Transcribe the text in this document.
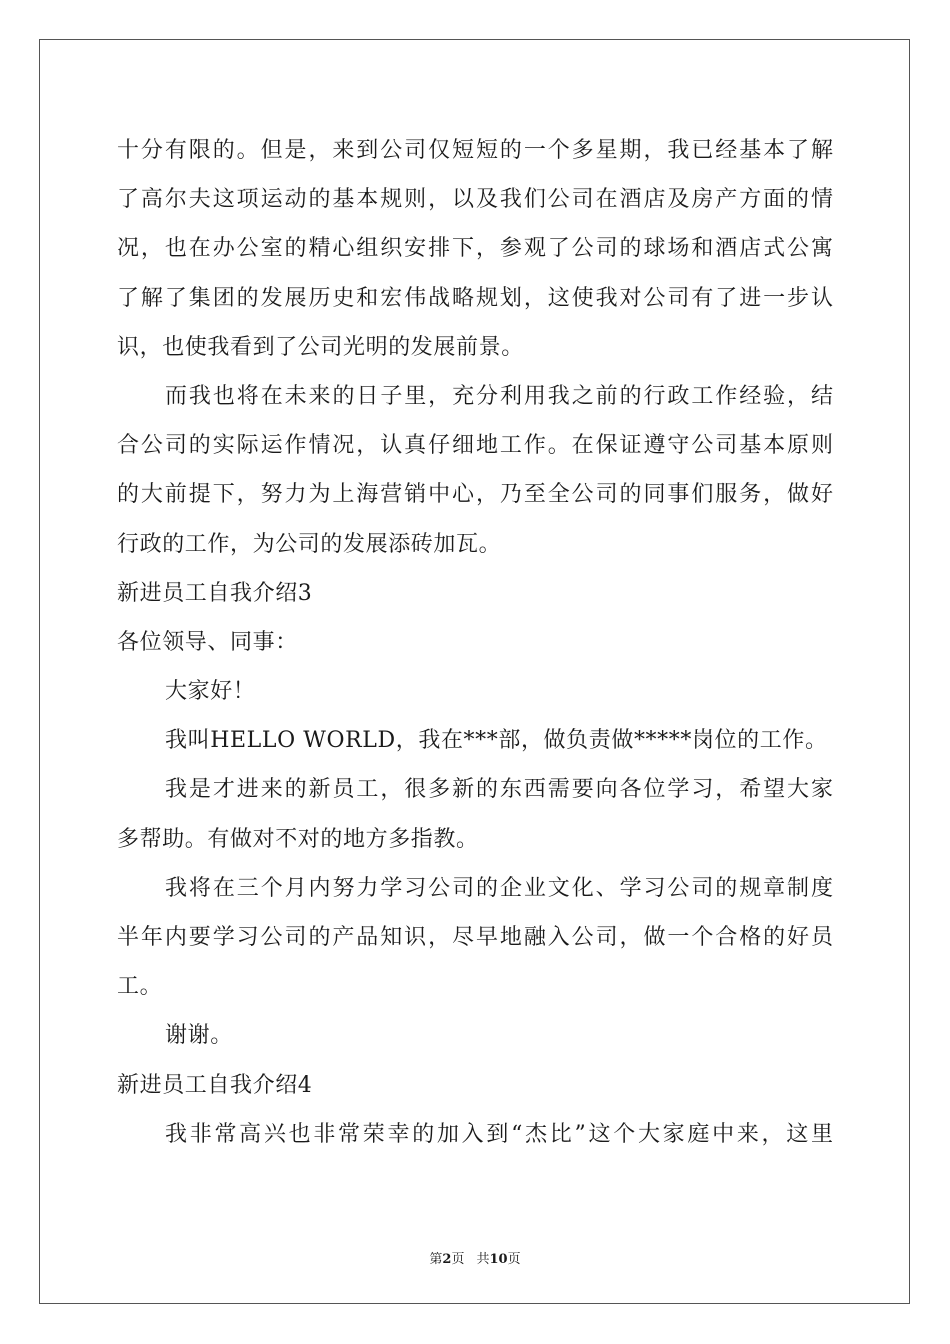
十分有限的。但是，来到公司仅短短的一个多星期，我已经基本了解
了高尔夫这项运动的基本规则，以及我们公司在酒店及房产方面的情
况，也在办公室的精心组织安排下，参观了公司的球场和酒店式公寓
了解了集团的发展历史和宏伟战略规划，这使我对公司有了进一步认
识，也使我看到了公司光明的发展前景。
而我也将在未来的日子里，充分利用我之前的行政工作经验，结
合公司的实际运作情况，认真仔细地工作。在保证遵守公司基本原则
的大前提下，努力为上海营销中心，乃至全公司的同事们服务，做好
行政的工作，为公司的发展添砖加瓦。
新进员工自我介绍3
各位领导、同事：
大家好！
我叫HELLO WORLD，我在***部，做负责做*****岗位的工作。
我是才进来的新员工，很多新的东西需要向各位学习，希望大家
多帮助。有做对不对的地方多指教。
我将在三个月内努力学习公司的企业文化、学习公司的规章制度
半年内要学习公司的产品知识，尽早地融入公司，做一个合格的好员
工。
谢谢。
新进员工自我介绍4
我非常高兴也非常荣幸的加入到“杰比”这个大家庭中来，这里
第2页 共10页
